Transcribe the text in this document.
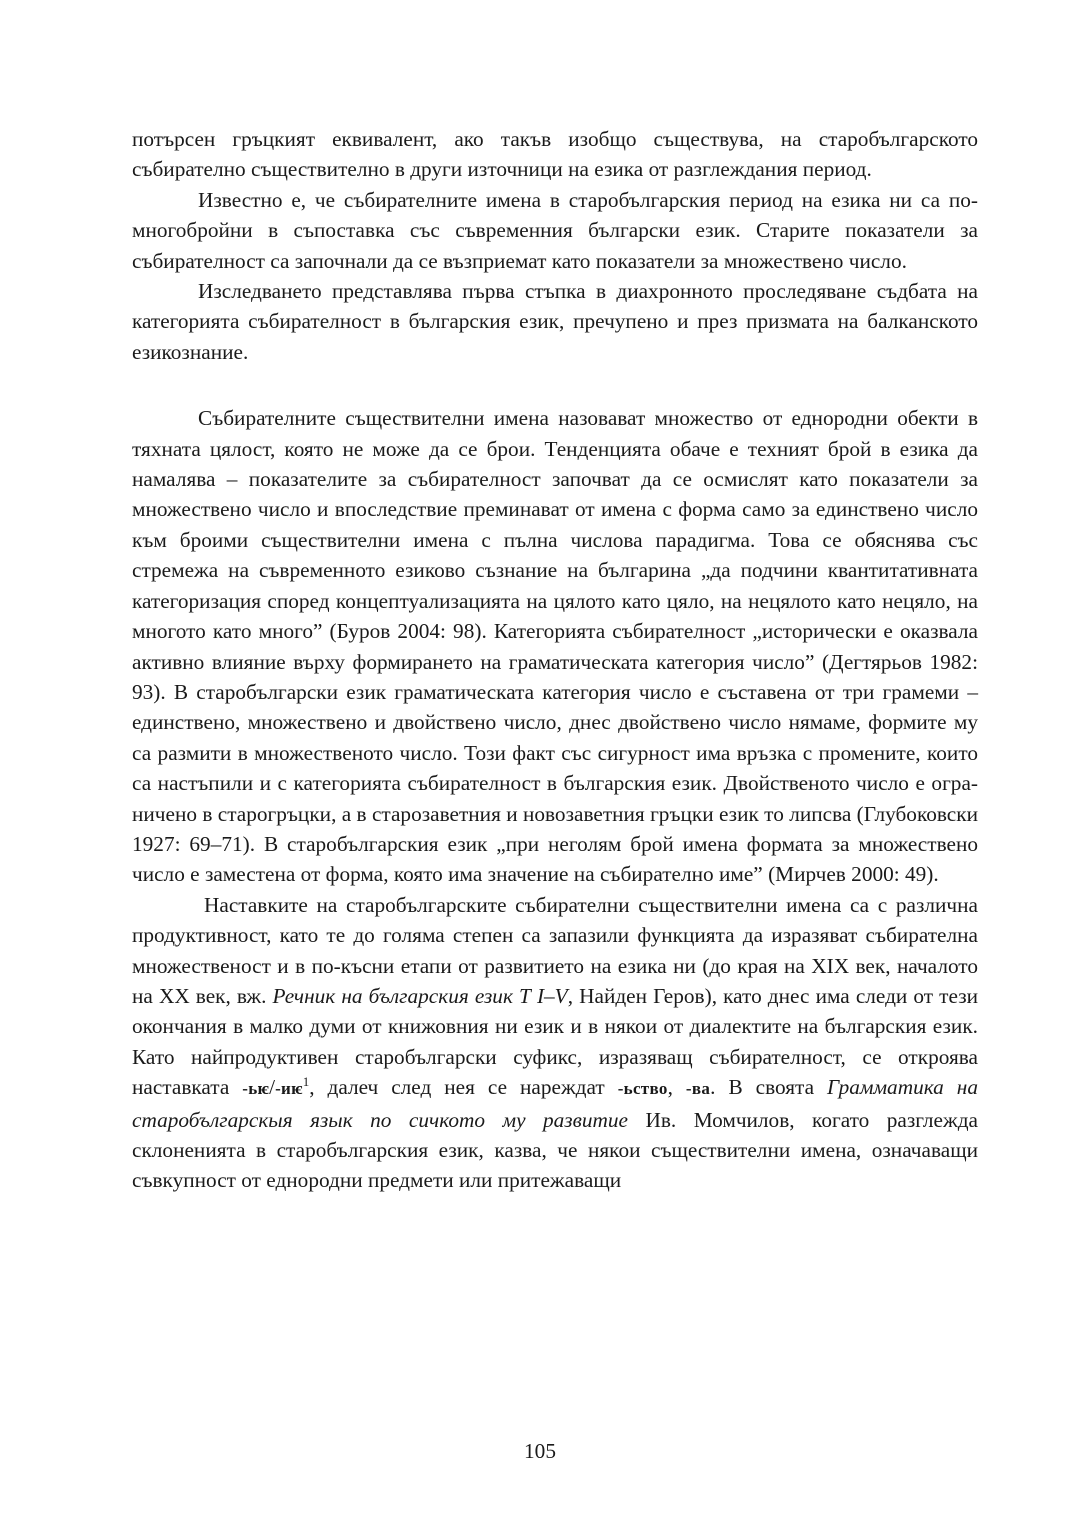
потърсен гръцкият еквивалент, ако такъв изобщо съществува, на старобългарското събирателно съществително в други източници на езика от разглеждания период.

Известно е, че събирателните имена в старобългарския период на езика ни са по-многобройни в съпоставка със съвременния български език. Старите показатели за събирателност са започнали да се възприемат като показатели за множествено число.

Изследването представлява първа стъпка в диахронното проследяване съдбата на категорията събирателност в българския език, пречупено и през призмата на балканското езикознание.

Събирателните съществителни имена назовават множество от еднородни обекти в тяхната цялост, която не може да се брои. Тенденцията обаче е техният брой в езика да намалява – показателите за събирателност започват да се осмислят като показатели за множествено число и впоследствие преминават от имена с форма само за единствено число към броими съществителни имена с пълна числова парадигма. Това се обяснява със стремежа на съвременното езиково съзнание на българина „да подчини квантитативната категоризация според концептуализацията на цялото като цяло, на нецялото като нецяло, на многото като много” (Буров 2004: 98). Категорията събирателност „исторически е оказвала активно влияние върху формирането на граматическата категория число” (Дегтярьов 1982: 93). В старобългарски език граматическата категория число е съставена от три грамеми – единствено, множествено и двойствено число, днес двойствено число нямаме, формите му са размити в множественото число. Този факт със сигурност има връзка с промените, които са настъпили и с категорията събирателност в българския език. Двойственото число е ограничено в старогръцки, а в старозаветния и новозаветния гръцки език то липсва (Глубоковски 1927: 69–71). В старобългарския език „при неголям брой имена формата за множествено число е заместена от форма, която има значение на събирателно име” (Мирчев 2000: 49).

Наставките на старобългарските събирателни съществителни имена са с различна продуктивност, като те до голяма степен са запазили функцията да изразяват събирателна множественост и в по-късни етапи от развитието на езика ни (до края на XIX век, началото на XX век, вж. Речник на българския език Т I–V, Найден Геров), като днес има следи от тези окончания в малко думи от книжовния ни език и в някои от диалектите на българския език. Като найпродуктивен старобългарски суфикс, изразяващ събирателност, се откроява наставката -ьѥ/-иѥ$^1$, далеч след нея се нареждат -ьство, -ва. В своята Грамматика на старобългарскыя язык по сичкото му развитие Ив. Момчилов, когато разглежда склоненията в старобългарския език, казва, че някои съществителни имена, означаващи съвкупност от еднородни предмети или притежаващи

105
